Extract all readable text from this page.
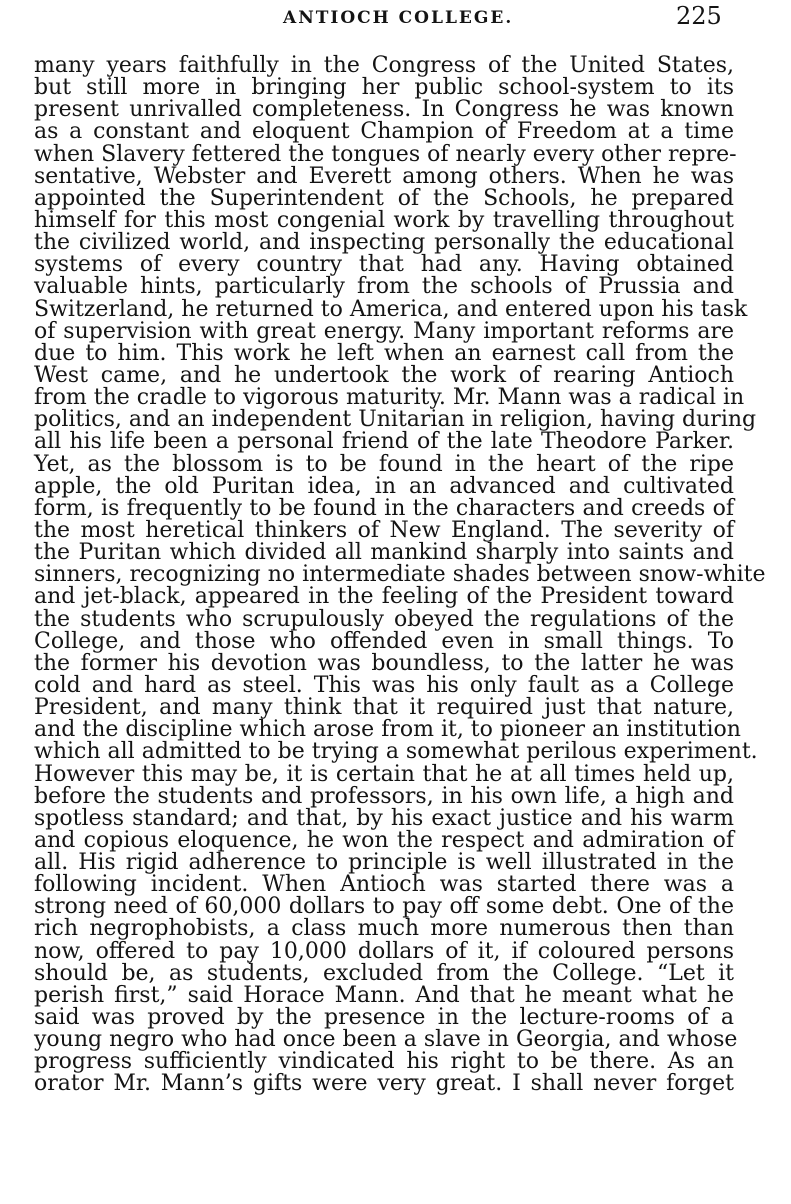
ANTIOCH COLLEGE.	225
many years faithfully in the Congress of the United States,
but still more in bringing her public school-system to its
present unrivalled completeness. In Congress he was known
as a constant and eloquent Champion of Freedom at a time
when Slavery fettered the tongues of nearly every other repre-
sentative, Webster and Everett among others. When he was
appointed the Superintendent of the Schools, he prepared
himself for this most congenial work by travelling throughout
the civilized world, and inspecting personally the educational
systems of every country that had any. Having obtained
valuable hints, particularly from the schools of Prussia and
Switzerland, he returned to America, and entered upon his task
of supervision with great energy. Many important reforms are
due to him. This work he left when an earnest call from the
West came, and he undertook the work of rearing Antioch
from the cradle to vigorous maturity. Mr. Mann was a radical in
politics, and an independent Unitarian in religion, having during
all his life been a personal friend of the late Theodore Parker.
Yet, as the blossom is to be found in the heart of the ripe
apple, the old Puritan idea, in an advanced and cultivated
form, is frequently to be found in the characters and creeds of
the most heretical thinkers of New England. The severity of
the Puritan which divided all mankind sharply into saints and
sinners, recognizing no intermediate shades between snow-white
and jet-black, appeared in the feeling of the President toward
the students who scrupulously obeyed the regulations of the
College, and those who offended even in small things. To
the former his devotion was boundless, to the latter he was
cold and hard as steel. This was his only fault as a College
President, and many think that it required just that nature,
and the discipline which arose from it, to pioneer an institution
which all admitted to be trying a somewhat perilous experiment.
However this may be, it is certain that he at all times held up,
before the students and professors, in his own life, a high and
spotless standard; and that, by his exact justice and his warm
and copious eloquence, he won the respect and admiration of
all. His rigid adherence to principle is well illustrated in the
following incident. When Antioch was started there was a
strong need of 60,000 dollars to pay off some debt. One of the
rich negrophobists, a class much more numerous then than
now, offered to pay 10,000 dollars of it, if coloured persons
should be, as students, excluded from the College. “Let it
perish first,” said Horace Mann. And that he meant what he
said was proved by the presence in the lecture-rooms of a
young negro who had once been a slave in Georgia, and whose
progress sufficiently vindicated his right to be there. As an
orator Mr. Mann’s gifts were very great. I shall never forget
